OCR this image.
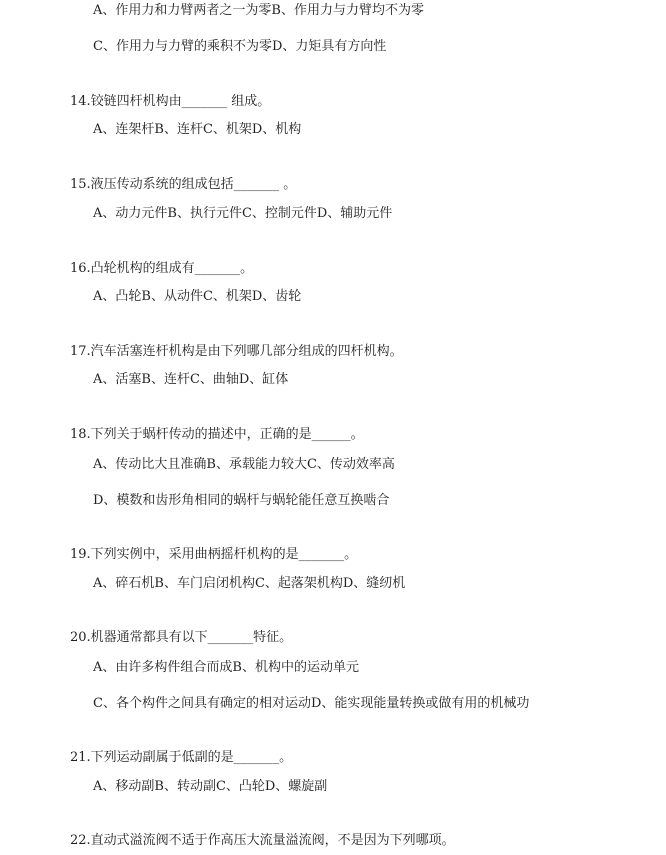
A、作用力和力臂两者之一为零B、作用力与力臂均不为零
C、作用力与力臂的乘积不为零D、力矩具有方向性
14.铰链四杆机构由_______ 组成。
A、连架杆B、连杆C、机架D、机构
15.液压传动系统的组成包括_______ 。
A、动力元件B、执行元件C、控制元件D、辅助元件
16.凸轮机构的组成有_______。
A、凸轮B、从动件C、机架D、齿轮
17.汽车活塞连杆机构是由下列哪几部分组成的四杆机构。
A、活塞B、连杆C、曲轴D、缸体
18.下列关于蜗杆传动的描述中，正确的是______。
A、传动比大且准确B、承载能力较大C、传动效率高
D、模数和齿形角相同的蜗杆与蜗轮能任意互换啮合
19.下列实例中，采用曲柄摇杆机构的是_______。
A、碎石机B、车门启闭机构C、起落架机构D、缝纫机
20.机器通常都具有以下_______特征。
A、由许多构件组合而成B、机构中的运动单元
C、各个构件之间具有确定的相对运动D、能实现能量转换或做有用的机械功
21.下列运动副属于低副的是_______。
A、移动副B、转动副C、凸轮D、螺旋副
22.直动式溢流阀不适于作高压大流量溢流阀，不是因为下列哪项。
